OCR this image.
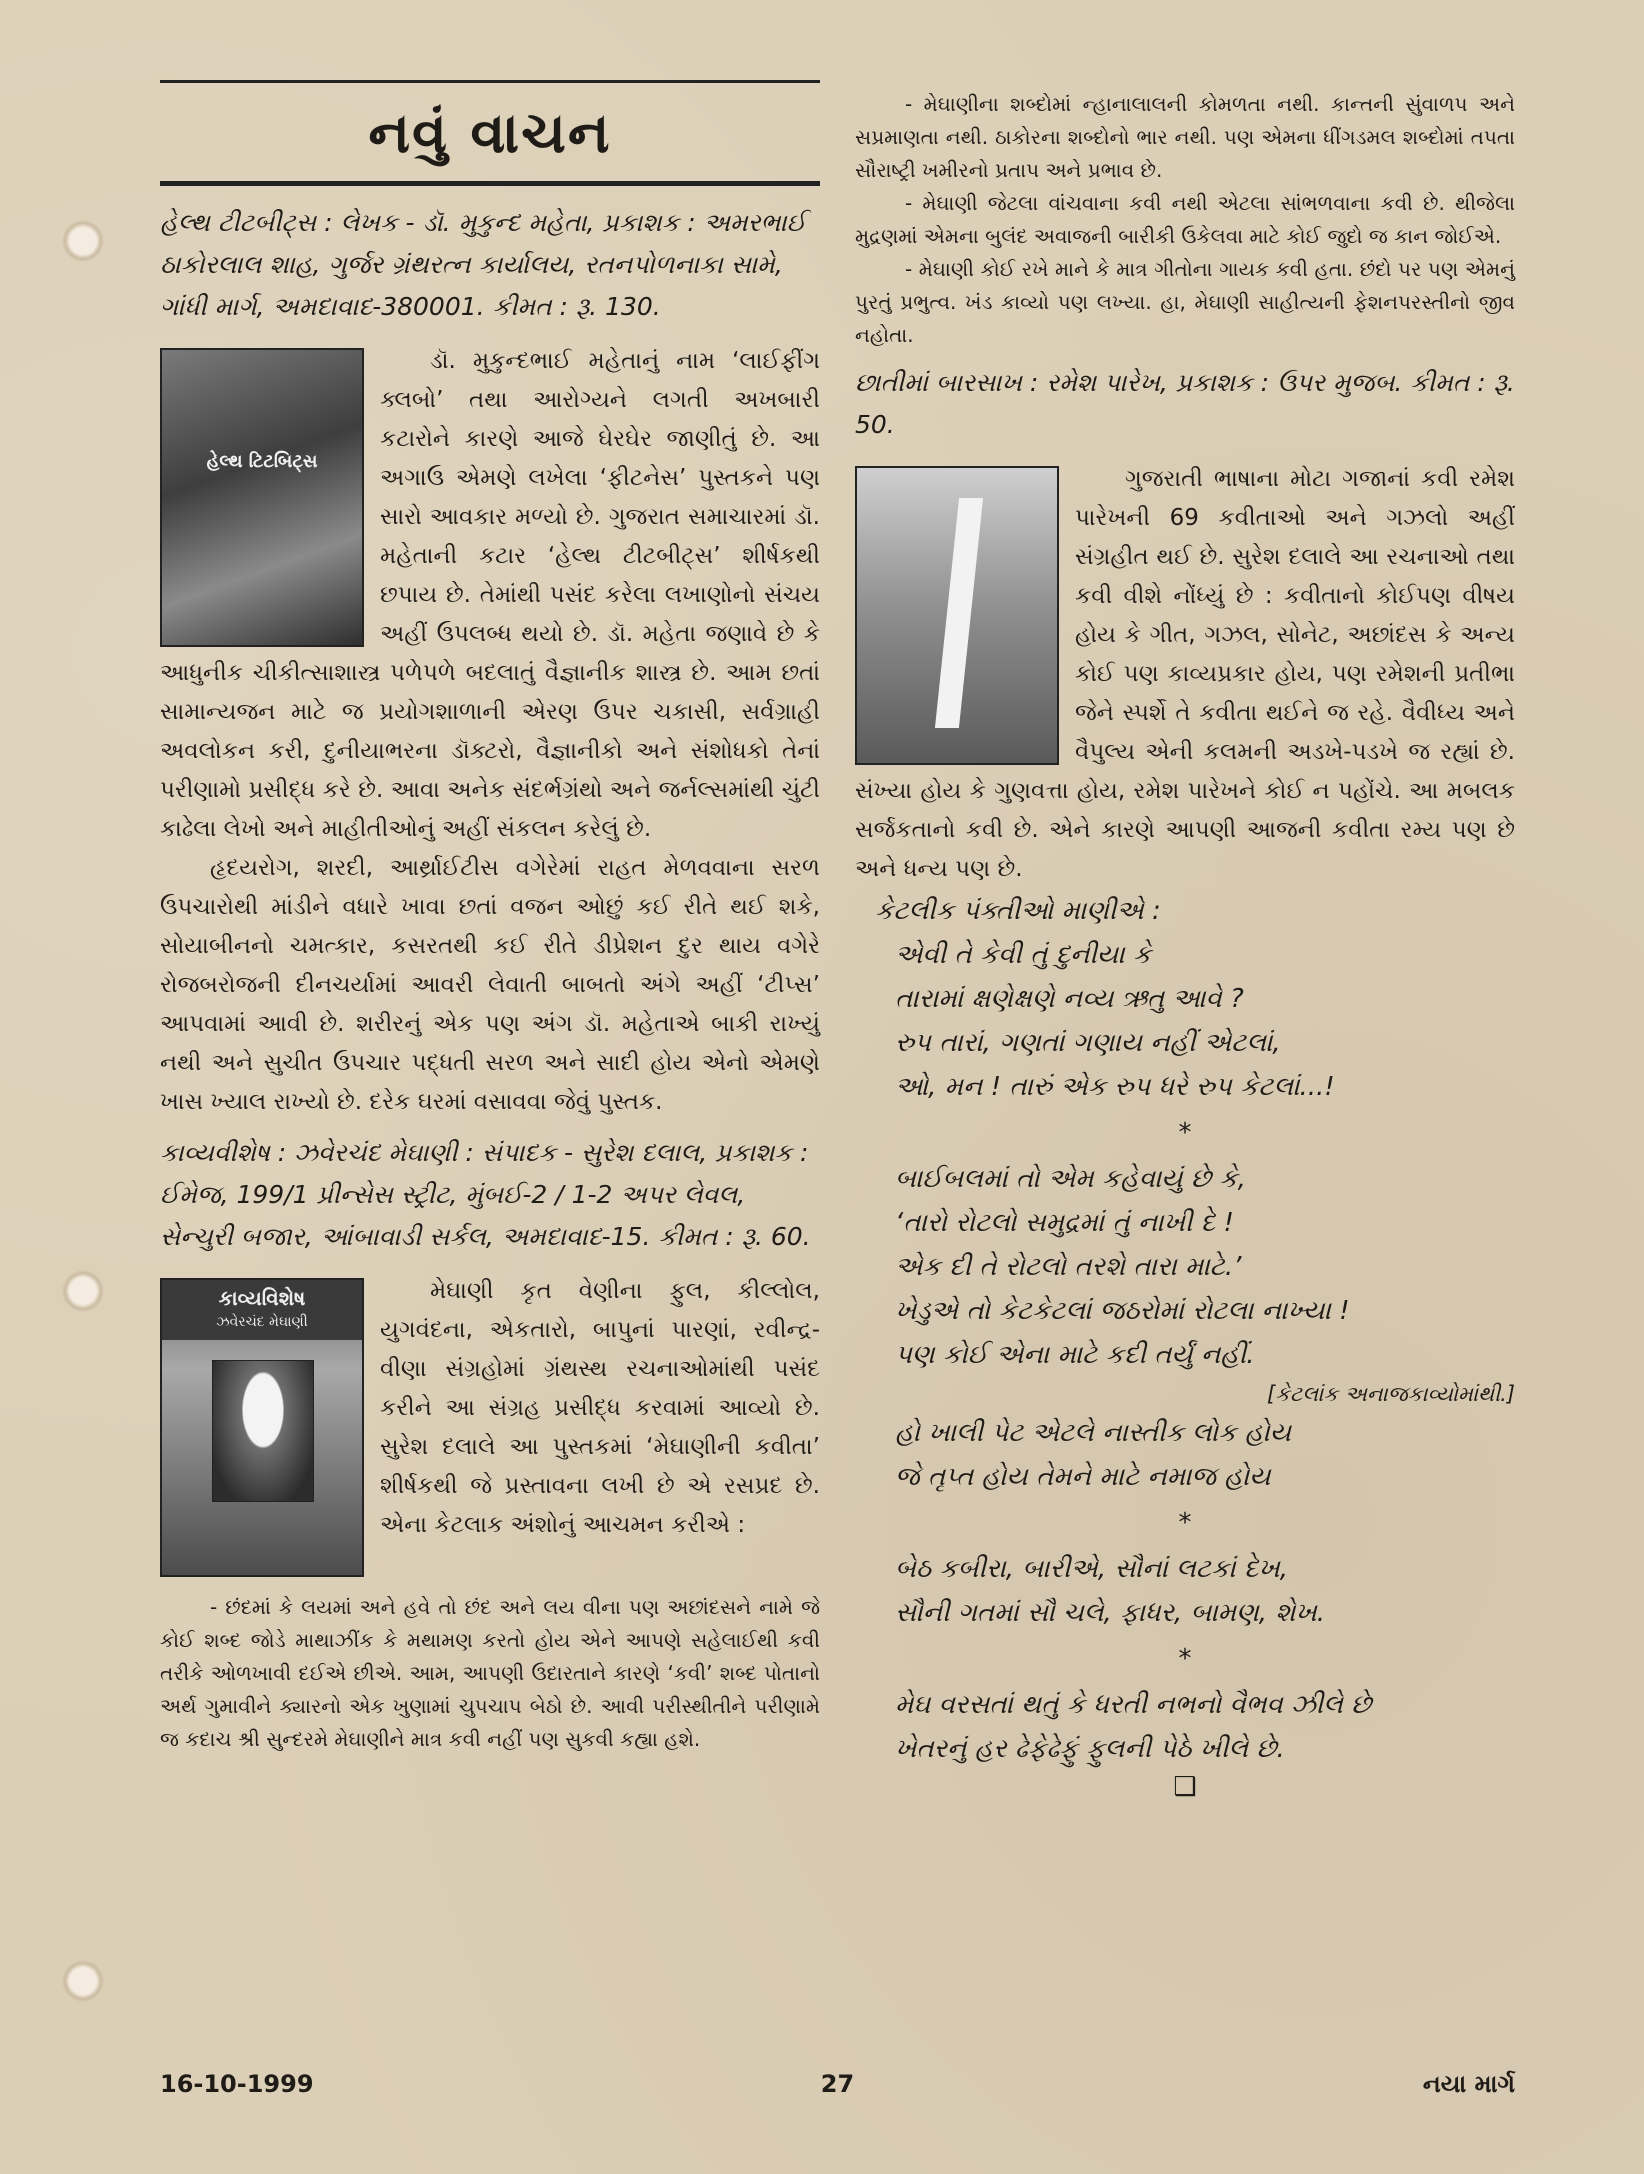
નવું વાચન

હેલ્થ ટીટબીટ્સ : લેખક - ડૉ. મુકુન્દ મહેતા, પ્રકાશક : અમરભાઈ ઠાકોરલાલ શાહ, ગુર્જર ગ્રંથરત્ન કાર્યાલય, રતનપોળનાકા સામે, ગાંધી માર્ગ, અમદાવાદ-380001. કીમત : રૂ. 130.

હેલ્થ ટિટબિટ્સ

ડૉ. મુકુન્દભાઈ મહેતાનું નામ ‘લાઈફીંગ ક્લબો’ તથા આરોગ્યને લગતી અખબારી કટારોને કારણે આજે ઘેરઘેર જાણીતું છે. આ અગાઉ એમણે લખેલા ‘ફીટનેસ’ પુસ્તકને પણ સારો આવકાર મળ્યો છે. ગુજરાત સમાચારમાં ડૉ. મહેતાની કટાર ‘હેલ્થ ટીટબીટ્સ’ શીર્ષકથી છપાય છે. તેમાંથી પસંદ કરેલા લખાણોનો સંચય અહીં ઉપલબ્ધ થયો છે. ડૉ. મહેતા જણાવે છે કે આધુનીક ચીકીત્સાશાસ્ત્ર પળેપળે બદલાતું વૈજ્ઞાનીક શાસ્ત્ર છે. આમ છતાં સામાન્યજન માટે જ પ્રયોગશાળાની એરણ ઉપર ચકાસી, સર્વગ્રાહી અવલોકન કરી, દુનીયાભરના ડૉક્ટરો, વૈજ્ઞાનીકો અને સંશોધકો તેનાં પરીણામો પ્રસીદ્ધ કરે છે. આવા અનેક સંદર્ભગ્રંથો અને જર્નલ્સમાંથી ચુંટી કાઢેલા લેખો અને માહીતીઓનું અહીં સંકલન કરેલું છે.

હૃદયરોગ, શરદી, આર્થ્રાઈટીસ વગેરેમાં રાહત મેળવવાના સરળ ઉપચારોથી માંડીને વધારે ખાવા છતાં વજન ઓછું કઈ રીતે થઈ શકે, સોયાબીનનો ચમત્કાર, કસરતથી કઈ રીતે ડીપ્રેશન દુર થાય વગેરે રોજબરોજની દીનચર્યામાં આવરી લેવાતી બાબતો અંગે અહીં ‘ટીપ્સ’ આપવામાં આવી છે. શરીરનું એક પણ અંગ ડૉ. મહેતાએ બાકી રાખ્યું નથી અને સુચીત ઉપચાર પદ્ધતી સરળ અને સાદી હોય એનો એમણે ખાસ ખ્યાલ રાખ્યો છે. દરેક ઘરમાં વસાવવા જેવું પુસ્તક.

કાવ્યવીશેષ : ઝવેરચંદ મેઘાણી : સંપાદક - સુરેશ દલાલ, પ્રકાશક : ઈમેજ, 199/1 પ્રીન્સેસ સ્ટ્રીટ, મુંબઈ-2 / 1-2 અપર લેવલ, સેન્ચુરી બજાર, આંબાવાડી સર્કલ, અમદાવાદ-15. કીમત : રૂ. 60.

કાવ્યવિશેષ
ઝવેરચંદ મેઘાણી

મેઘાણી કૃત વેણીના ફુલ, કીલ્લોલ, યુગવંદના, એકતારો, બાપુનાં પારણાં, રવીન્દ્ર-વીણા સંગ્રહોમાં ગ્રંથસ્થ રચનાઓમાંથી પસંદ કરીને આ સંગ્રહ પ્રસીદ્ધ કરવામાં આવ્યો છે. સુરેશ દલાલે આ પુસ્તકમાં ‘મેઘાણીની કવીતા’ શીર્ષકથી જે પ્રસ્તાવના લખી છે એ રસપ્રદ છે. એના કેટલાક અંશોનું આચમન કરીએ :

- છંદમાં કે લયમાં અને હવે તો છંદ અને લય વીના પણ અછાંદસને નામે જે કોઈ શબ્દ જોડે માથાઝીંક કે મથામણ કરતો હોય એને આપણે સહેલાઈથી કવી તરીકે ઓળખાવી દઈએ છીએ. આમ, આપણી ઉદારતાને કારણે ‘કવી’ શબ્દ પોતાનો અર્થ ગુમાવીને ક્યારનો એક ખુણામાં ચુપચાપ બેઠો છે. આવી પરીસ્થીતીને પરીણામે જ કદાચ શ્રી સુન્દરમે મેઘાણીને માત્ર કવી નહીં પણ સુકવી કહ્યા હશે.

- મેઘાણીના શબ્દોમાં ન્હાનાલાલની કોમળતા નથી. કાન્તની સુંવાળપ અને સપ્રમાણતા નથી. ઠાકોરના શબ્દોનો ભાર નથી. પણ એમના ધીંગડમલ શબ્દોમાં તપતા સૌરાષ્ટ્રી ખમીરનો પ્રતાપ અને પ્રભાવ છે.

- મેઘાણી જેટલા વાંચવાના કવી નથી એટલા સાંભળવાના કવી છે. થીજેલા મુદ્રણમાં એમના બુલંદ અવાજની બારીકી ઉકેલવા માટે કોઈ જુદો જ કાન જોઈએ.

- મેઘાણી કોઈ રખે માને કે માત્ર ગીતોના ગાયક કવી હતા. છંદો પર પણ એમનું પુરતું પ્રભુત્વ. ખંડ કાવ્યો પણ લખ્યા. હા, મેઘાણી સાહીત્યની ફેશનપરસ્તીનો જીવ નહોતા.

છાતીમાં બારસાખ : રમેશ પારેખ, પ્રકાશક : ઉપર મુજબ. કીમત : રૂ. 50.

ગુજરાતી ભાષાના મોટા ગજાનાં કવી રમેશ પારેખની 69 કવીતાઓ અને ગઝલો અહીં સંગ્રહીત થઈ છે. સુરેશ દલાલે આ રચનાઓ તથા કવી વીશે નોંધ્યું છે : કવીતાનો કોઈપણ વીષય હોય કે ગીત, ગઝલ, સોનેટ, અછાંદસ કે અન્ય કોઈ પણ કાવ્યપ્રકાર હોય, પણ રમેશની પ્રતીભા જેને સ્પર્શે તે કવીતા થઈને જ રહે. વૈવીધ્ય અને વૈપુલ્ય એની કલમની અડખે-પડખે જ રહ્યાં છે. સંખ્યા હોય કે ગુણવત્તા હોય, રમેશ પારેખને કોઈ ન પહોંચે. આ મબલક સર્જકતાનો કવી છે. એને કારણે આપણી આજની કવીતા રમ્ય પણ છે અને ધન્ય પણ છે.

કેટલીક પંક્તીઓ માણીએ :

એવી તે કેવી તું દુનીયા કે

તારામાં ક્ષણેક્ષણે નવ્ય ઋતુ આવે ?

રુપ તારાં, ગણતાં ગણાય નહીં એટલાં,

ઓ, મન ! તારું એક રુપ ધરે રુપ કેટલાં...!

*

બાઈબલમાં તો એમ કહેવાયું છે કે,

‘તારો રોટલો સમુદ્રમાં તું નાખી દે !

એક દી તે રોટલો તરશે તારા માટે.’

ખેડુએ તો કેટકેટલાં જઠરોમાં રોટલા નાખ્યા !

પણ કોઈ એના માટે કદી તર્યું નહીં.

[કેટલાંક અનાજકાવ્યોમાંથી.]

હો ખાલી પેટ એટલે નાસ્તીક લોક હોય

જે તૃપ્ત હોય તેમને માટે નમાજ હોય

*

બેઠ કબીરા, બારીએ, સૌનાં લટકાં દેખ,

સૌની ગતમાં સૌ ચલે, ફાધર, બામણ, શેખ.

*

મેઘ વરસતાં થતું કે ધરતી નભનો વૈભવ ઝીલે છે

ખેતરનું હર ઢેફેઢેફું ફુલની પેઠે ખીલે છે.

❑
16-10-1999	27	નયા માર્ગ
